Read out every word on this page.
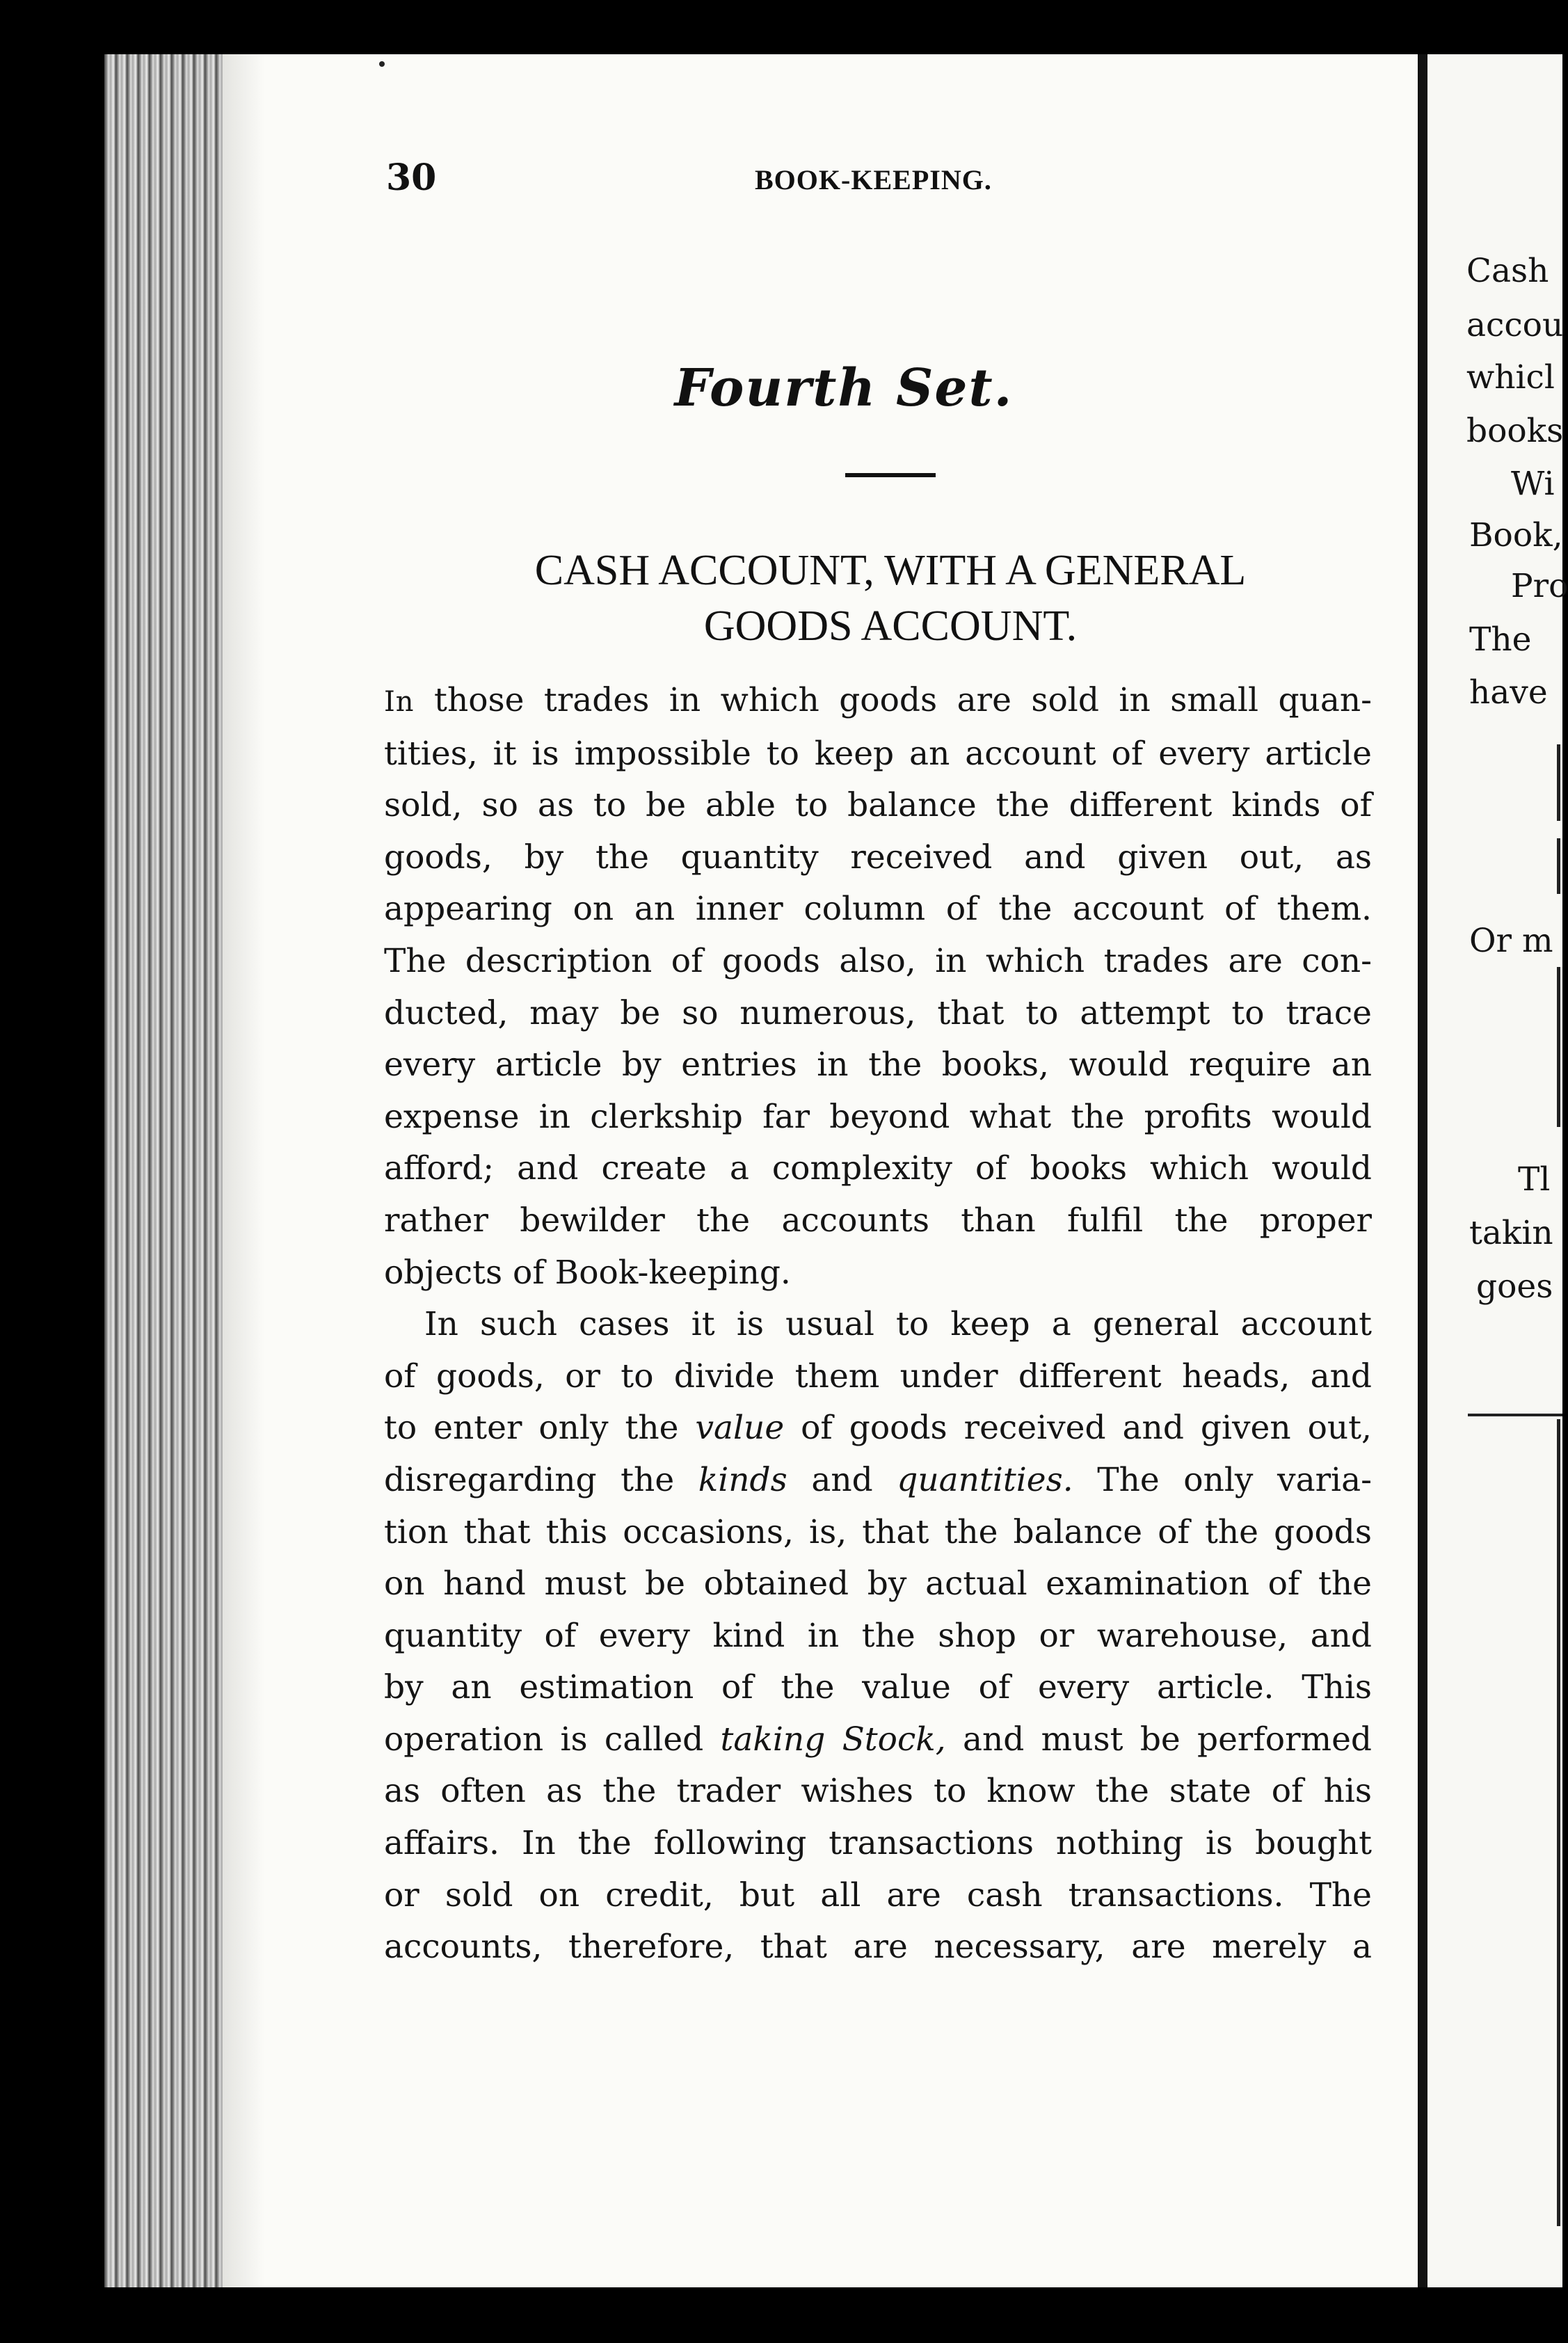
30	BOOK-KEEPING.
Fourth Set.
CASH ACCOUNT, WITH A GENERAL
GOODS ACCOUNT.
In those trades in which goods are sold in small quan-
tities, it is impossible to keep an account of every article
sold, so as to be able to balance the different kinds of
goods, by the quantity received and given out, as
appearing on an inner column of the account of them.
The description of goods also, in which trades are con-
ducted, may be so numerous, that to attempt to trace
every article by entries in the books, would require an
expense in clerkship far beyond what the profits would
afford; and create a complexity of books which would
rather bewilder the accounts than fulfil the proper
objects of Book-keeping.
In such cases it is usual to keep a general account
of goods, or to divide them under different heads, and
to enter only the value of goods received and given out,
disregarding the kinds and quantities. The only varia-
tion that this occasions, is, that the balance of the goods
on hand must be obtained by actual examination of the
quantity of every kind in the shop or warehouse, and
by an estimation of the value of every article. This
operation is called taking Stock, and must be performed
as often as the trader wishes to know the state of his
affairs. In the following transactions nothing is bought
or sold on credit, but all are cash transactions. The
accounts, therefore, that are necessary, are merely a
Cash
accou
whicl
books
Wi
Book,
Pro
The
have
Or m
Tl
takin
goes
